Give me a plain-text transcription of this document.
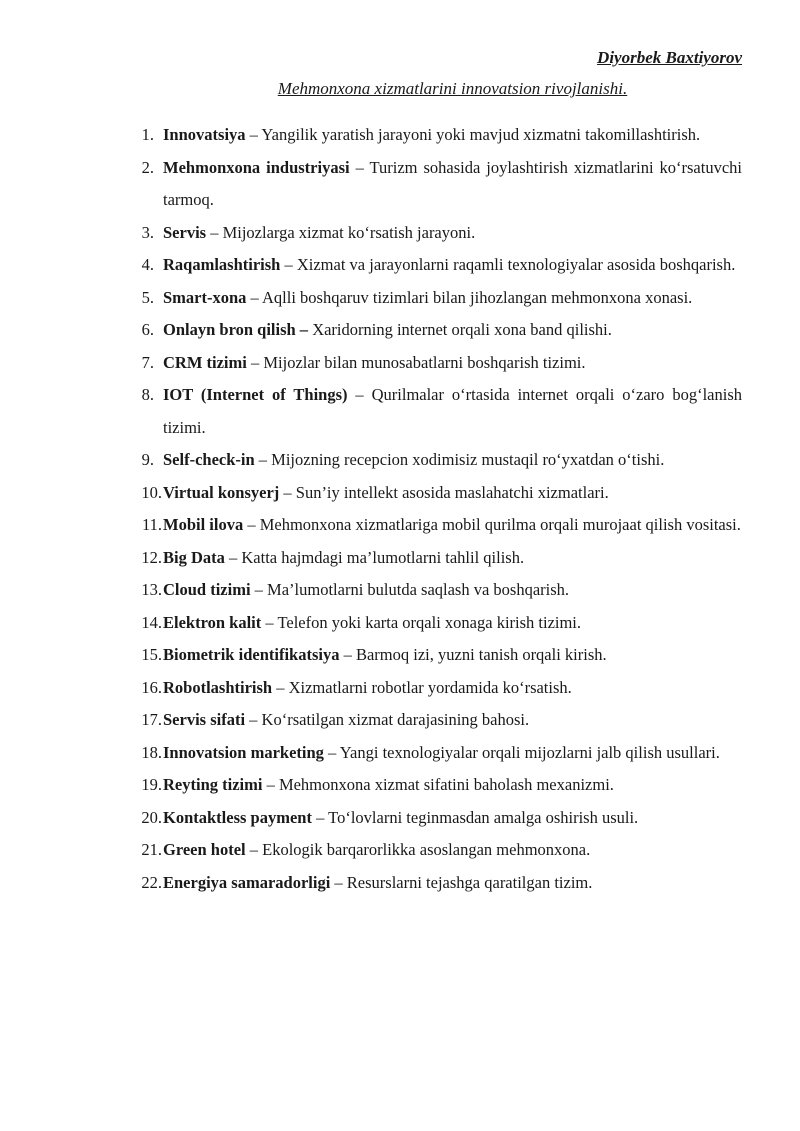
Diyorbek Baxtiyorov
Mehmonxona xizmatlarini innovatsion rivojlanishi.
1. Innovatsiya – Yangilik yaratish jarayoni yoki mavjud xizmatni takomillashtirish.
2. Mehmonxona industriyasi – Turizm sohasida joylashtirish xizmatlarini ko‘rsatuvchi tarmoq.
3. Servis – Mijozlarga xizmat ko‘rsatish jarayoni.
4. Raqamlashtirish – Xizmat va jarayonlarni raqamli texnologiyalar asosida boshqarish.
5. Smart-xona – Aqlli boshqaruv tizimlari bilan jihozlangan mehmonxona xonasi.
6. Onlayn bron qilish – Xaridorning internet orqali xona band qilishi.
7. CRM tizimi – Mijozlar bilan munosabatlarni boshqarish tizimi.
8. IOT (Internet of Things) – Qurilmalar o‘rtasida internet orqali o‘zaro bog‘lanish tizimi.
9. Self-check-in – Mijozning recepcion xodimisiz mustaqil ro‘yxatdan o‘tishi.
10. Virtual konsyerj – Sun’iy intellekt asosida maslahatchi xizmatlari.
11. Mobil ilova – Mehmonxona xizmatlariga mobil qurilma orqali murojaat qilish vositasi.
12. Big Data – Katta hajmdagi ma’lumotlarni tahlil qilish.
13. Cloud tizimi – Ma’lumotlarni bulutda saqlash va boshqarish.
14. Elektron kalit – Telefon yoki karta orqali xonaga kirish tizimi.
15. Biometrik identifikatsiya – Barmoq izi, yuzni tanish orqali kirish.
16. Robotlashtirish – Xizmatlarni robotlar yordamida ko‘rsatish.
17. Servis sifati – Ko‘rsatilgan xizmat darajasining bahosi.
18. Innovatsion marketing – Yangi texnologiyalar orqali mijozlarni jalb qilish usullari.
19. Reyting tizimi – Mehmonxona xizmat sifatini baholash mexanizmi.
20. Kontaktless payment – To‘lovlarni teginmasdan amalga oshirish usuli.
21. Green hotel – Ekologik barqarorlikka asoslangan mehmonxona.
22. Energiya samaradorligi – Resurslarni tejashga qaratilgan tizim.
